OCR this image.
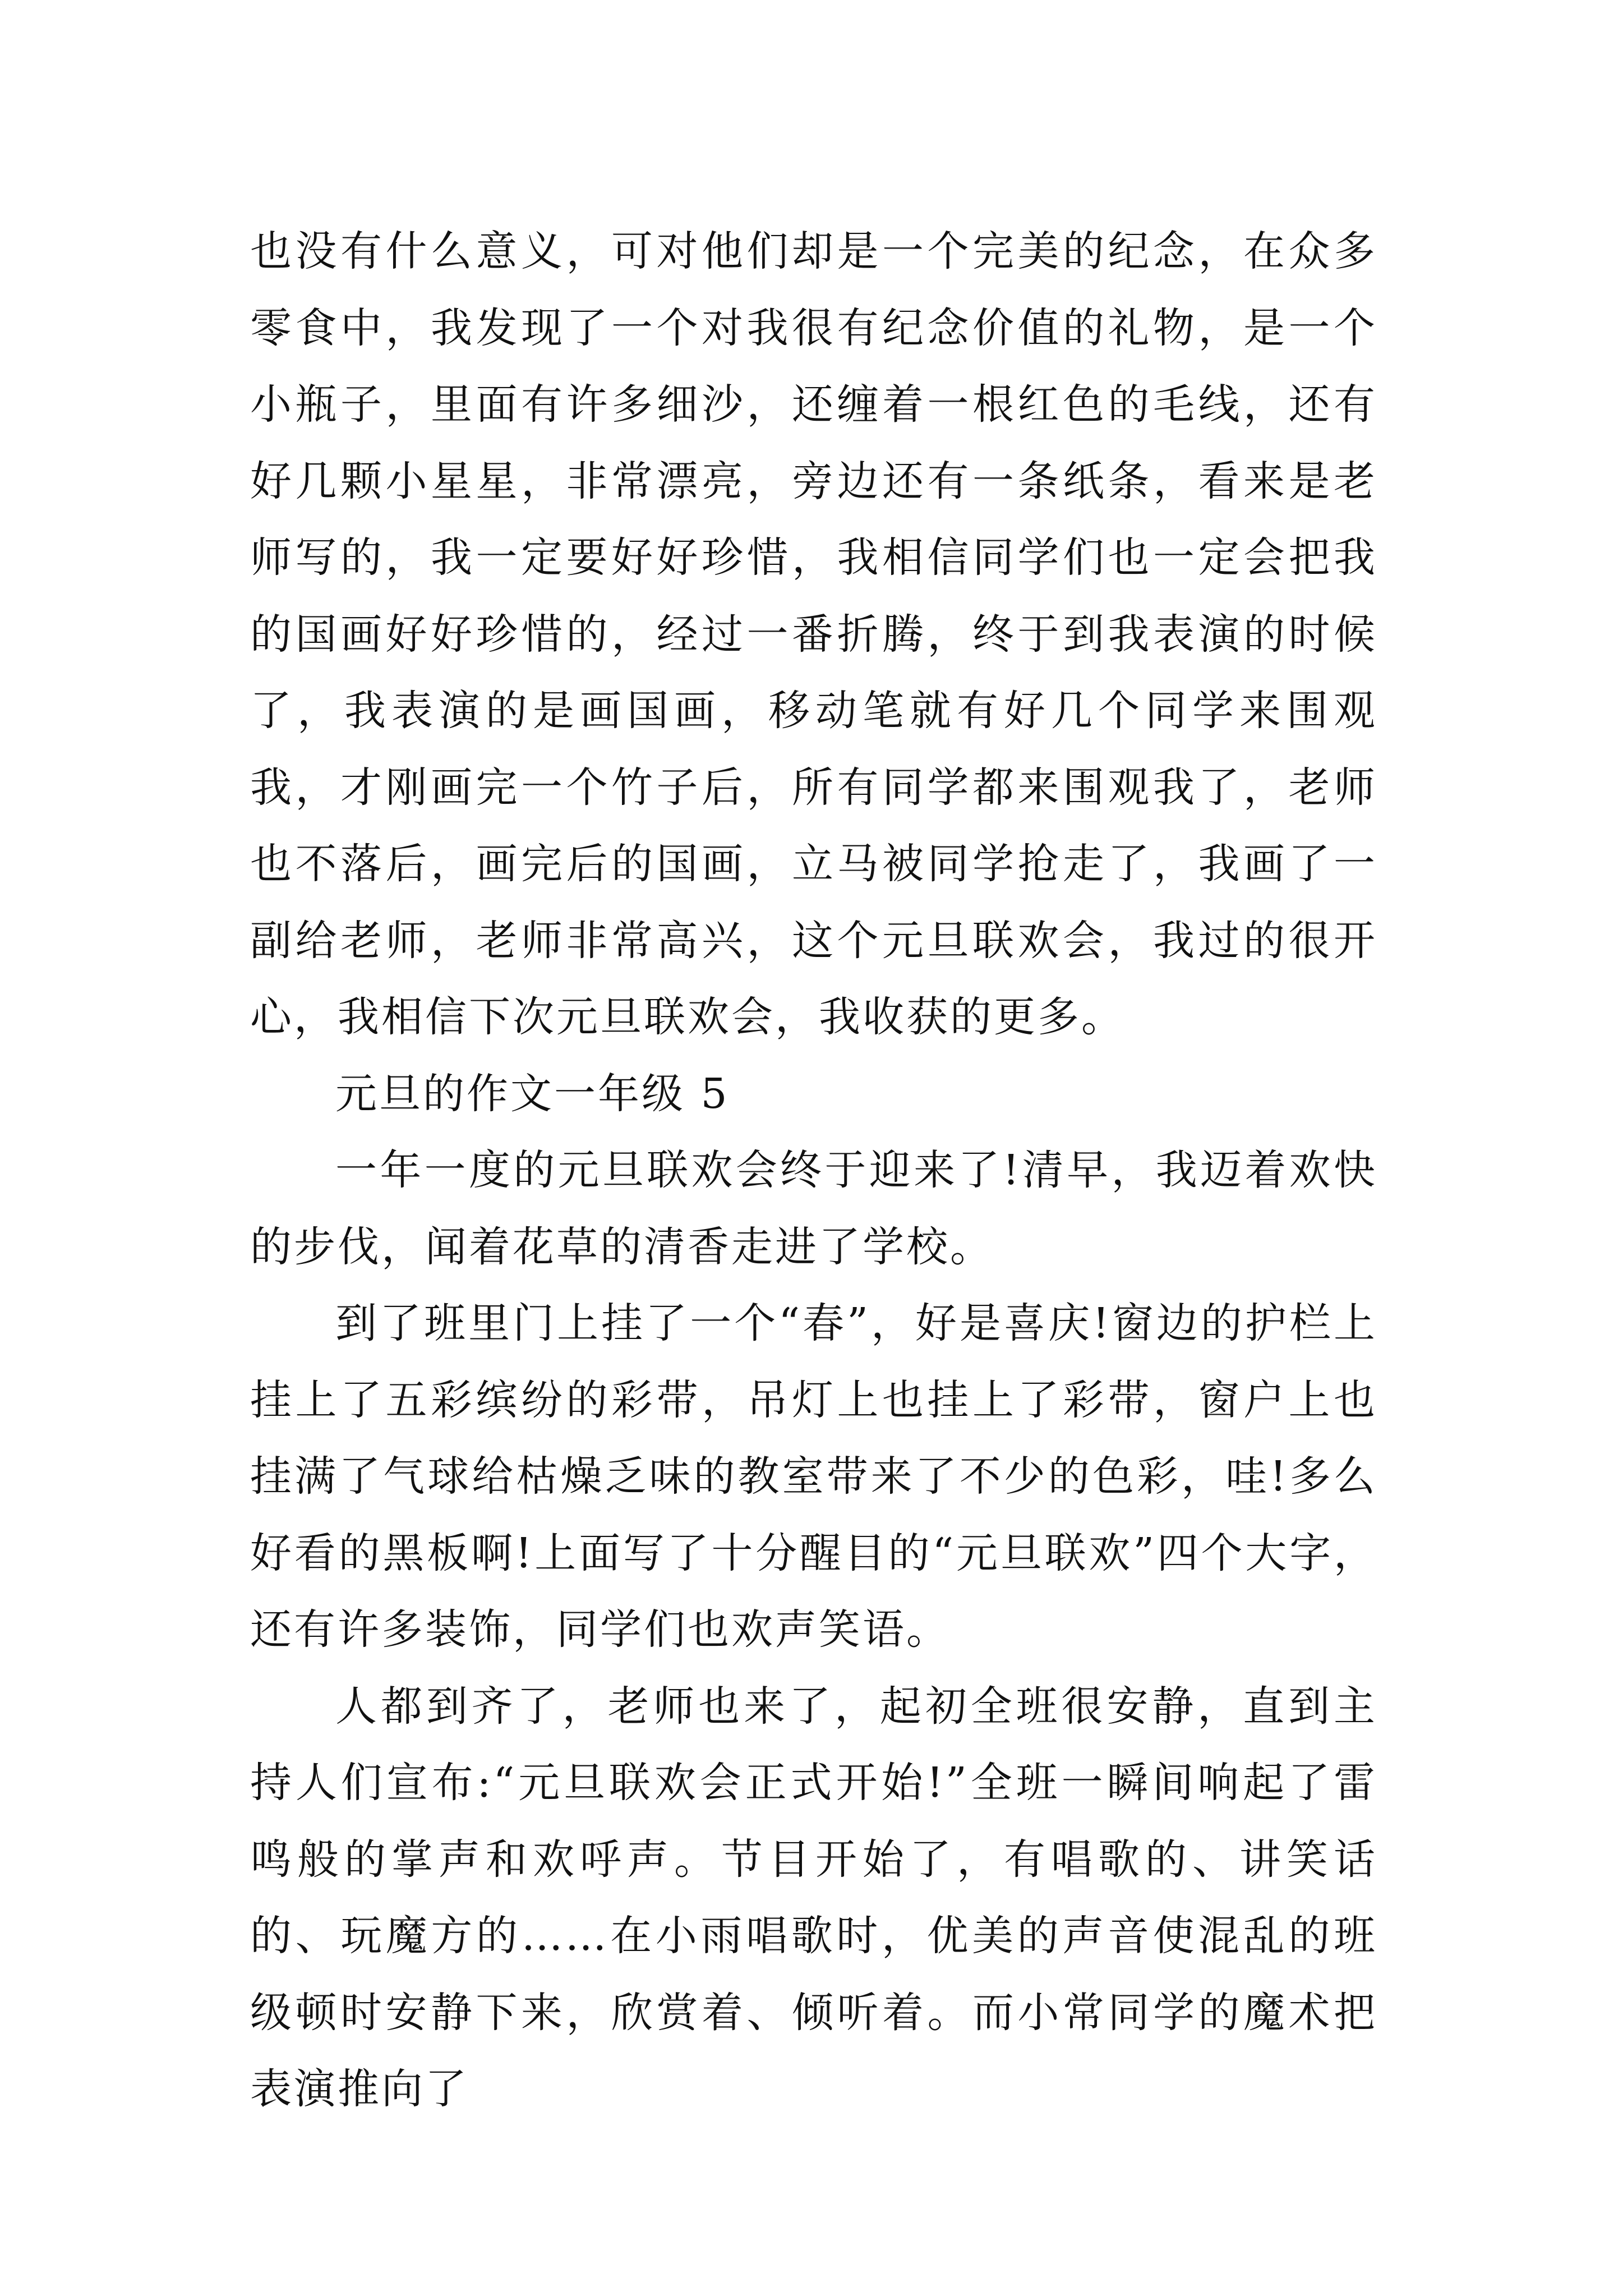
也没有什么意义，可对他们却是一个完美的纪念，在众多零食中，我发现了一个对我很有纪念价值的礼物，是一个小瓶子，里面有许多细沙，还缠着一根红色的毛线，还有好几颗小星星，非常漂亮，旁边还有一条纸条，看来是老师写的，我一定要好好珍惜，我相信同学们也一定会把我的国画好好珍惜的，经过一番折腾，终于到我表演的时候了，我表演的是画国画，移动笔就有好几个同学来围观我，才刚画完一个竹子后，所有同学都来围观我了，老师也不落后，画完后的国画，立马被同学抢走了，我画了一副给老师，老师非常高兴，这个元旦联欢会，我过的很开心，我相信下次元旦联欢会，我收获的更多。

元旦的作文一年级 5

一年一度的元旦联欢会终于迎来了!清早，我迈着欢快的步伐，闻着花草的清香走进了学校。

到了班里门上挂了一个“春”，好是喜庆!窗边的护栏上挂上了五彩缤纷的彩带，吊灯上也挂上了彩带，窗户上也挂满了气球给枯燥乏味的教室带来了不少的色彩，哇!多么好看的黑板啊!上面写了十分醒目的“元旦联欢”四个大字，还有许多装饰，同学们也欢声笑语。

人都到齐了，老师也来了，起初全班很安静，直到主持人们宣布:“元旦联欢会正式开始!”全班一瞬间响起了雷鸣般的掌声和欢呼声。节目开始了，有唱歌的、讲笑话的、玩魔方的……在小雨唱歌时，优美的声音使混乱的班级顿时安静下来，欣赏着、倾听着。而小常同学的魔术把表演推向了
